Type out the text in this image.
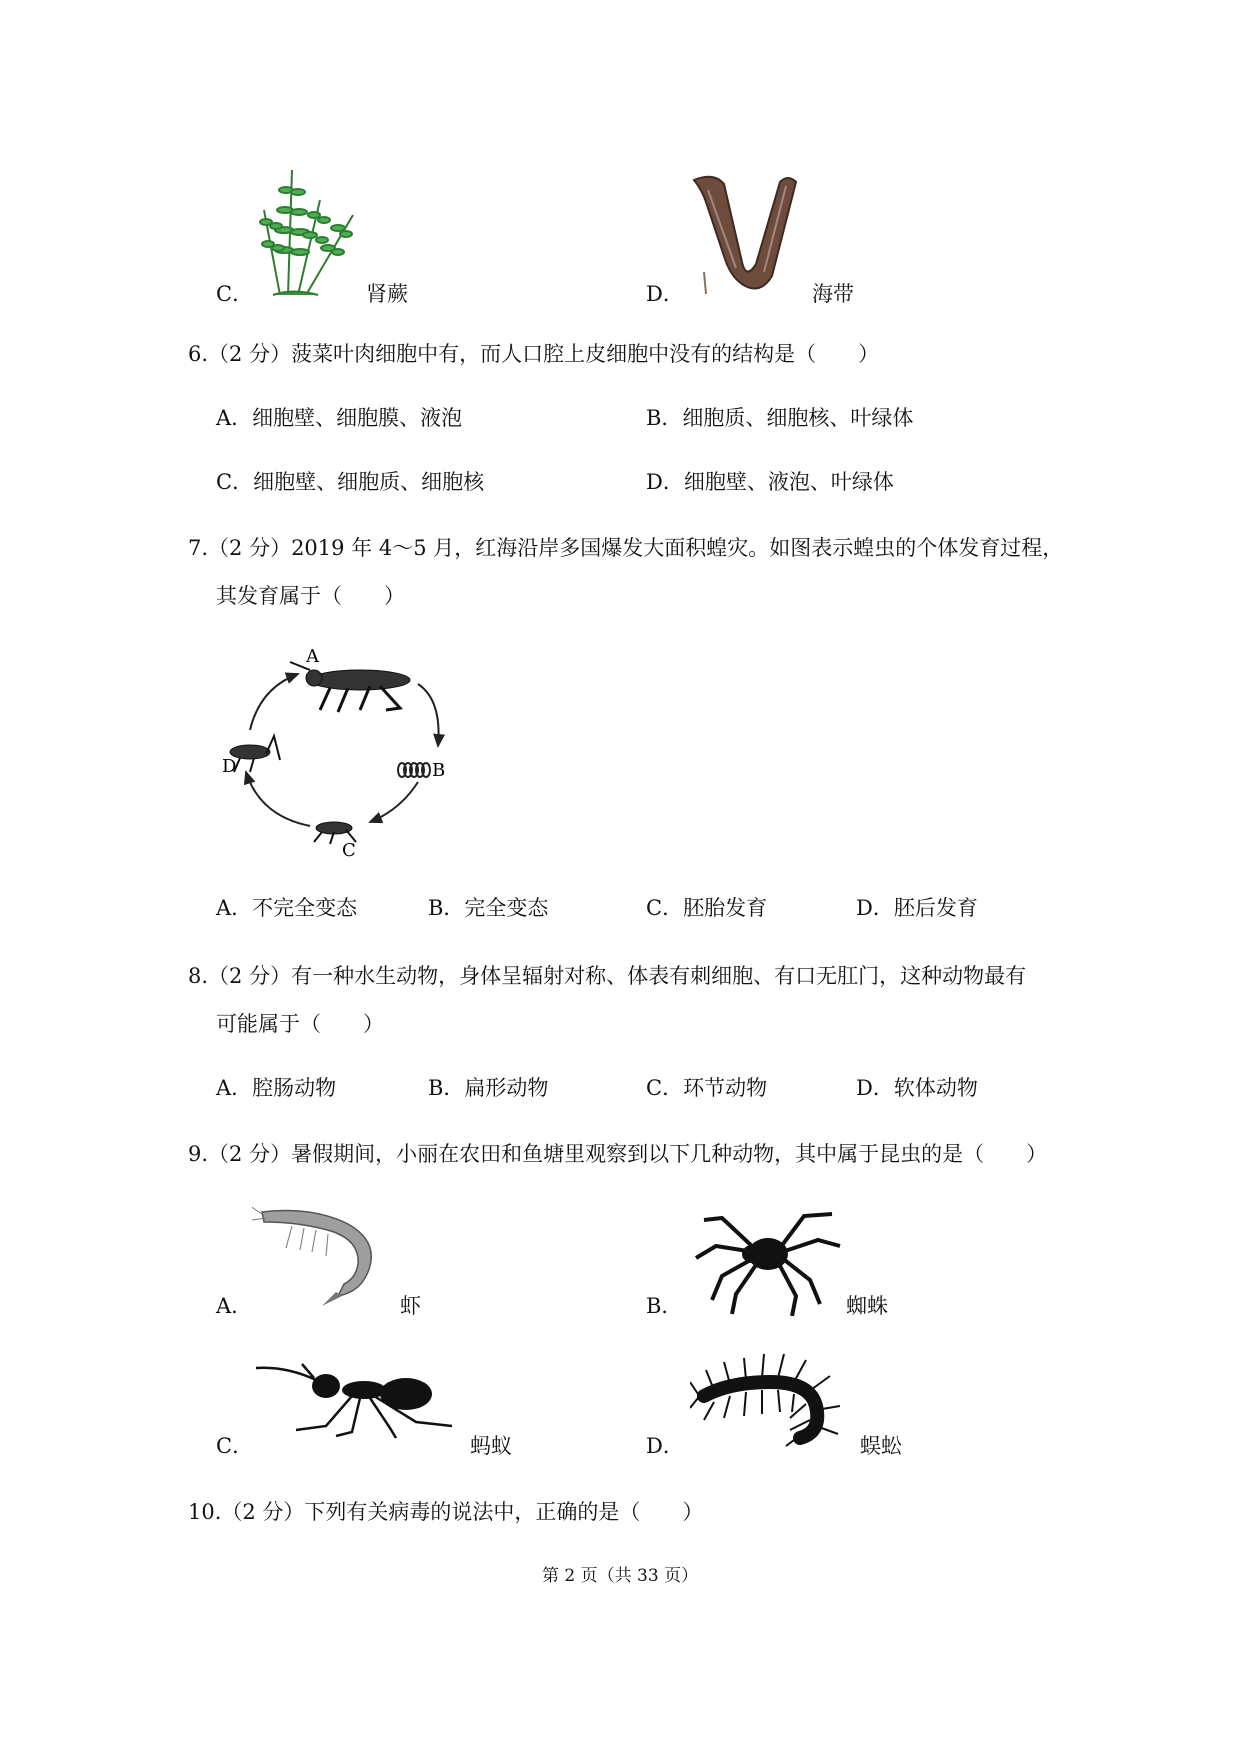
C．	肾蕨	D．	海带
6.（2 分）菠菜叶肉细胞中有，而人口腔上皮细胞中没有的结构是（　　）
A．细胞壁、细胞膜、液泡	B．细胞质、细胞核、叶绿体
C．细胞壁、细胞质、细胞核	D．细胞壁、液泡、叶绿体
7.（2 分）2019 年 4～5 月，红海沿岸多国爆发大面积蝗灾。如图表示蝗虫的个体发育过程，
其发育属于（　　）
A
B
C
D
A．不完全变态	B．完全变态	C．胚胎发育	D．胚后发育
8.（2 分）有一种水生动物，身体呈辐射对称、体表有刺细胞、有口无肛门，这种动物最有
可能属于（　　）
A．腔肠动物	B．扁形动物	C．环节动物	D．软体动物
9.（2 分）暑假期间，小丽在农田和鱼塘里观察到以下几种动物，其中属于昆虫的是（　　）
A．	虾	B．	蜘蛛
C．	蚂蚁	D．	蜈蚣
10.（2 分）下列有关病毒的说法中，正确的是（　　）
第 2 页（共 33 页）
